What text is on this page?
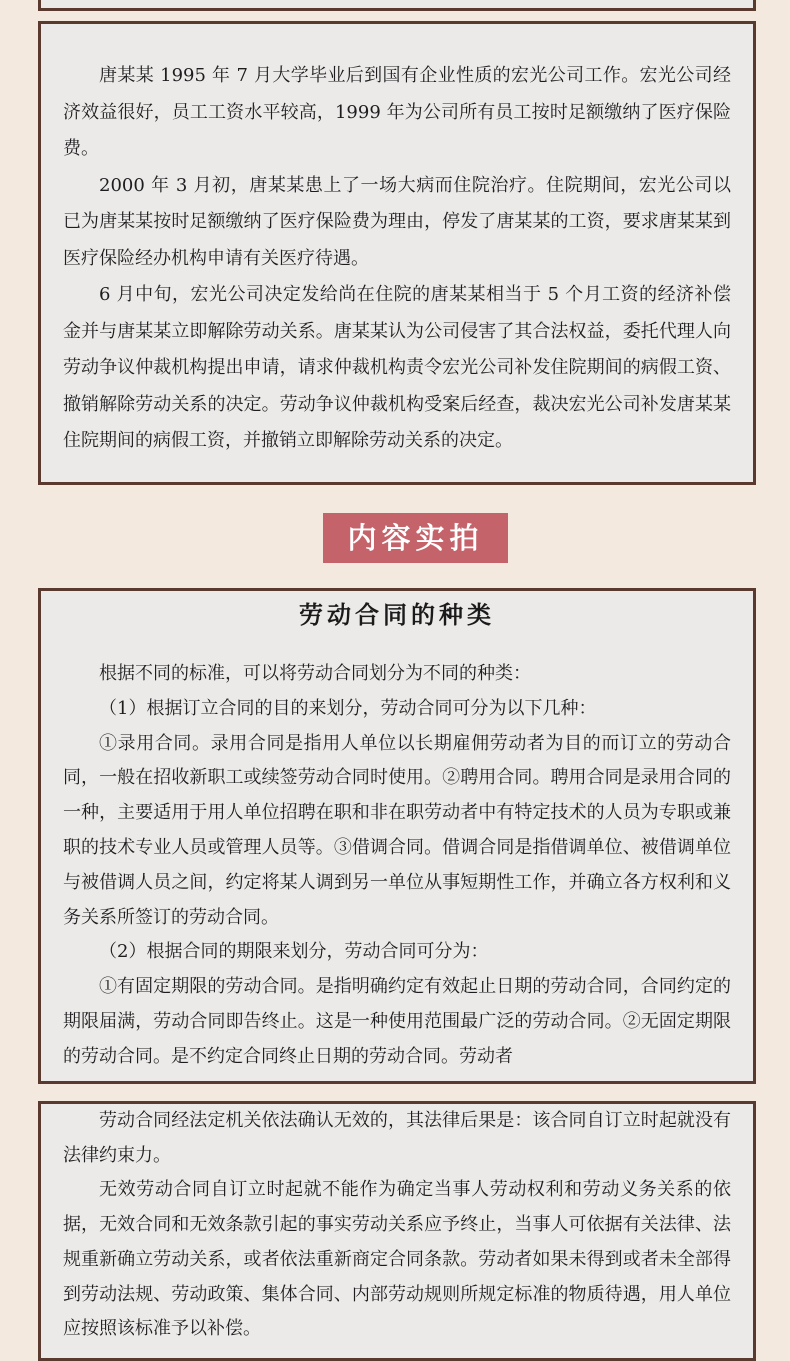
唐某某 1995 年 7 月大学毕业后到国有企业性质的宏光公司工作。宏光公司经济效益很好，员工工资水平较高，1999 年为公司所有员工按时足额缴纳了医疗保险费。

2000 年 3 月初，唐某某患上了一场大病而住院治疗。住院期间，宏光公司以已为唐某某按时足额缴纳了医疗保险费为理由，停发了唐某某的工资，要求唐某某到医疗保险经办机构申请有关医疗待遇。

6 月中旬，宏光公司决定发给尚在住院的唐某某相当于 5 个月工资的经济补偿金并与唐某某立即解除劳动关系。唐某某认为公司侵害了其合法权益，委托代理人向劳动争议仲裁机构提出申请，请求仲裁机构责令宏光公司补发住院期间的病假工资、撤销解除劳动关系的决定。劳动争议仲裁机构受案后经查，裁决宏光公司补发唐某某住院期间的病假工资，并撤销立即解除劳动关系的决定。

内容实拍
劳动合同的种类

根据不同的标准，可以将劳动合同划分为不同的种类：

（1）根据订立合同的目的来划分，劳动合同可分为以下几种：

①录用合同。录用合同是指用人单位以长期雇佣劳动者为目的而订立的劳动合同，一般在招收新职工或续签劳动合同时使用。②聘用合同。聘用合同是录用合同的一种，主要适用于用人单位招聘在职和非在职劳动者中有特定技术的人员为专职或兼职的技术专业人员或管理人员等。③借调合同。借调合同是指借调单位、被借调单位与被借调人员之间，约定将某人调到另一单位从事短期性工作，并确立各方权利和义务关系所签订的劳动合同。

（2）根据合同的期限来划分，劳动合同可分为：

①有固定期限的劳动合同。是指明确约定有效起止日期的劳动合同，合同约定的期限届满，劳动合同即告终止。这是一种使用范围最广泛的劳动合同。②无固定期限的劳动合同。是不约定合同终止日期的劳动合同。劳动者

劳动合同经法定机关依法确认无效的，其法律后果是：该合同自订立时起就没有法律约束力。

无效劳动合同自订立时起就不能作为确定当事人劳动权利和劳动义务关系的依据，无效合同和无效条款引起的事实劳动关系应予终止，当事人可依据有关法律、法规重新确立劳动关系，或者依法重新商定合同条款。劳动者如果未得到或者未全部得到劳动法规、劳动政策、集体合同、内部劳动规则所规定标准的物质待遇，用人单位应按照该标准予以补偿。
